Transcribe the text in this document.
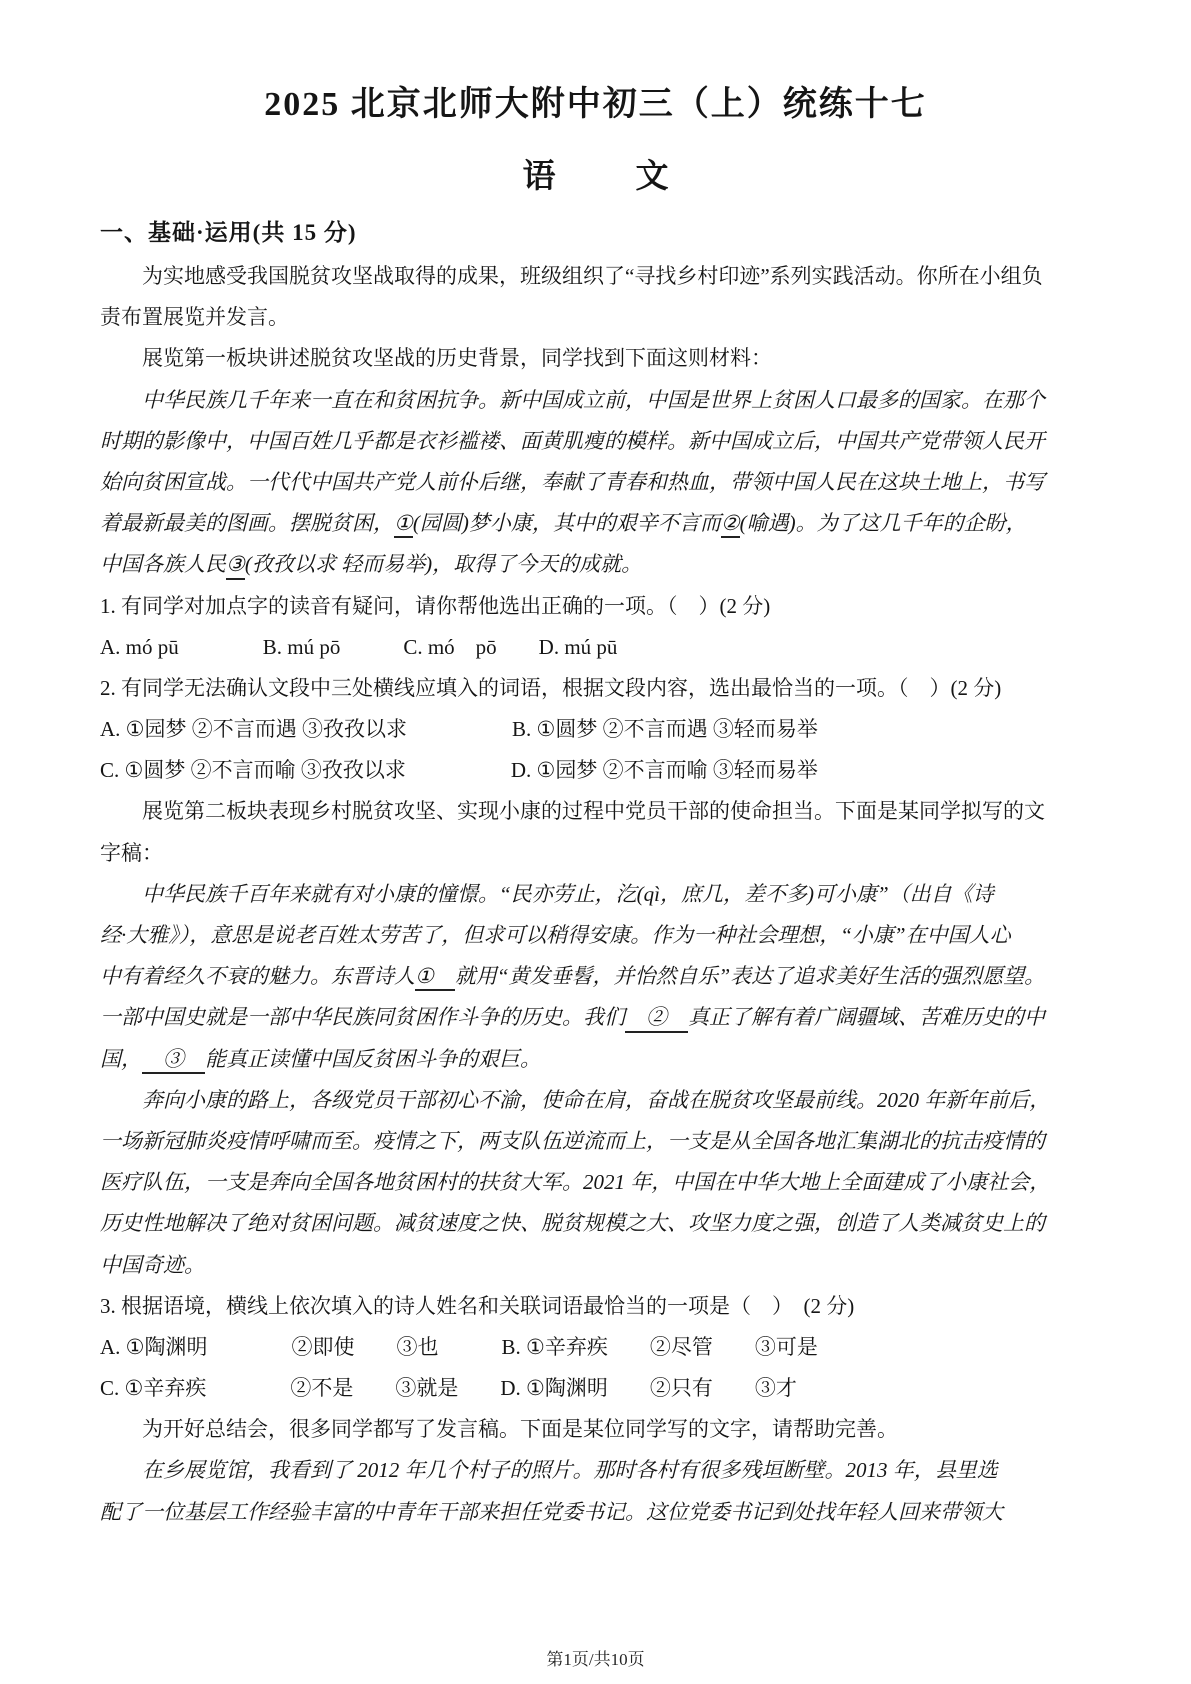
2025 北京北师大附中初三（上）统练十七
语 文
一、基础·运用(共 15 分)
为实地感受我国脱贫攻坚战取得的成果，班级组织了“寻找乡村印迹”系列实践活动。你所在小组负
责布置展览并发言。
展览第一板块讲述脱贫攻坚战的历史背景，同学找到下面这则材料：
中华民族几千年来一直在和贫困抗争。新中国成立前，中国是世界上贫困人口最多的国家。在那个
时期的影像中，中国百姓几乎都是衣衫褴褛、面黄肌瘦的模 ·样。新中国成立后，中国共产党带领人民开
始向贫困宣战。一代代中国共产党人前仆 ·后继，奉献了青春和热血，带领中国人民在这块土地上，书写
着最新最美的图画。摆脱贫困，①(园圆)梦小康，其中的艰辛不言而②(喻遇)。为了这几千年的企盼，
中国各族人民③(孜孜以求 轻而易举)，取得了今天的成就。
1. 有同学对加点字的读音有疑问，请你帮他选出正确的一项。（　）(2 分)
A. mó pū　　　　B. mú pō　　　C. mó　pō　　D. mú pū
2. 有同学无法确认文段中三处横线应填入的词语，根据文段内容，选出最恰当的一项。（　）(2 分)
A. ①园梦 ②不言而遇 ③孜孜以求　　　　　B. ①圆梦 ②不言而遇 ③轻而易举
C. ①圆梦 ②不言而喻 ③孜孜以求　　　　　D. ①园梦 ②不言而喻 ③轻而易举
展览第二板块表现乡村脱贫攻坚、实现小康的过程中党员干部的使命担当。下面是某同学拟写的文
字稿：
中华民族千百年来就有对小康的憧憬。“民亦劳止，汔(qì，庶几，差不多)可小康”（出自《诗
经·大雅》），意思是说老百姓太劳苦了，但求可以稍得安康。作为一种社会理想，“小康”在中国人心
中有着经久不衰的魅力。东晋诗人①　就用“黄发垂髫，并怡然自乐”表达了追求美好生活的强烈愿望。
一部中国史就是一部中华民族同贫困作斗争的历史。我们　②　真正了解有着广阔疆域、苦难历史的中
国，　③　能真正读懂中国反贫困斗争的艰巨。
奔向小康的路上，各级党员干部初心不渝，使命在肩，奋战在脱贫攻坚最前线。2020 年新年前后，
一场新冠肺炎疫情呼啸而至。疫情之下，两支队伍逆流而上，一支是从全国各地汇集湖北的抗击疫情的
医疗队伍，一支是奔向全国各地贫困村的扶贫大军。2021 年，中国在中华大地上全面建成了小康社会，
历史性地解决了绝对贫困问题。减贫速度之快、脱贫规模之大、攻坚力度之强，创造了人类减贫史上的
中国奇迹。
3. 根据语境，横线上依次填入的诗人姓名和关联词语最恰当的一项是（　）　(2 分)
A. ①陶渊明　　　　②即使　　③也　　　B. ①辛弃疾　　②尽管　　③可是
C. ①辛弃疾　　　　②不是　　③就是　　D. ①陶渊明　　②只有　　③才
为开好总结会，很多同学都写了发言稿。下面是某位同学写的文字，请帮助完善。
在乡展览馆，我看到了 2012 年几个村子的照片。那时各村有很多残垣断壁。2013 年，县里选
配了一位基层工作经验丰富的中青年干部来担任党委书记。这位党委书记到处找年轻人回来带领大
第1页/共10页
